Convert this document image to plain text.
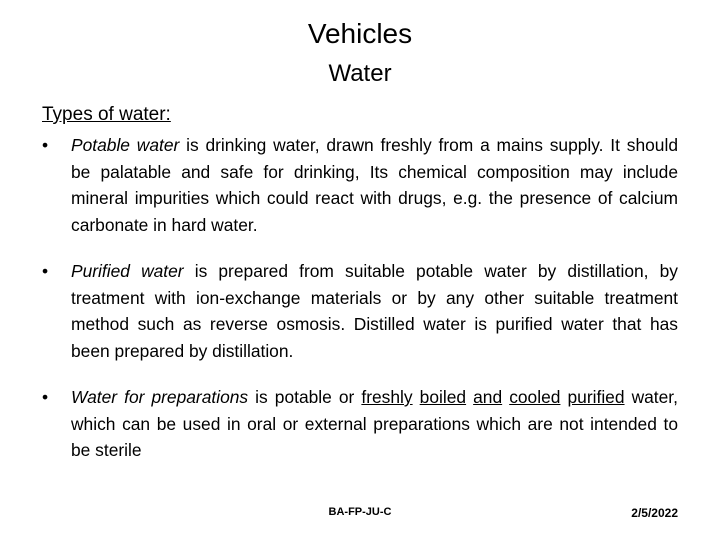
Vehicles
Water
Types of water:
• Potable water is drinking water, drawn freshly from a mains supply. It should be palatable and safe for drinking, Its chemical composition may include mineral impurities which could react with drugs, e.g. the presence of calcium carbonate in hard water.
• Purified water is prepared from suitable potable water by distillation, by treatment with ion-exchange materials or by any other suitable treatment method such as reverse osmosis. Distilled water is purified water that has been prepared by distillation.
• Water for preparations is potable or freshly boiled and cooled purified water, which can be used in oral or external preparations which are not intended to be sterile
BA-FP-JU-C	2/5/2022
